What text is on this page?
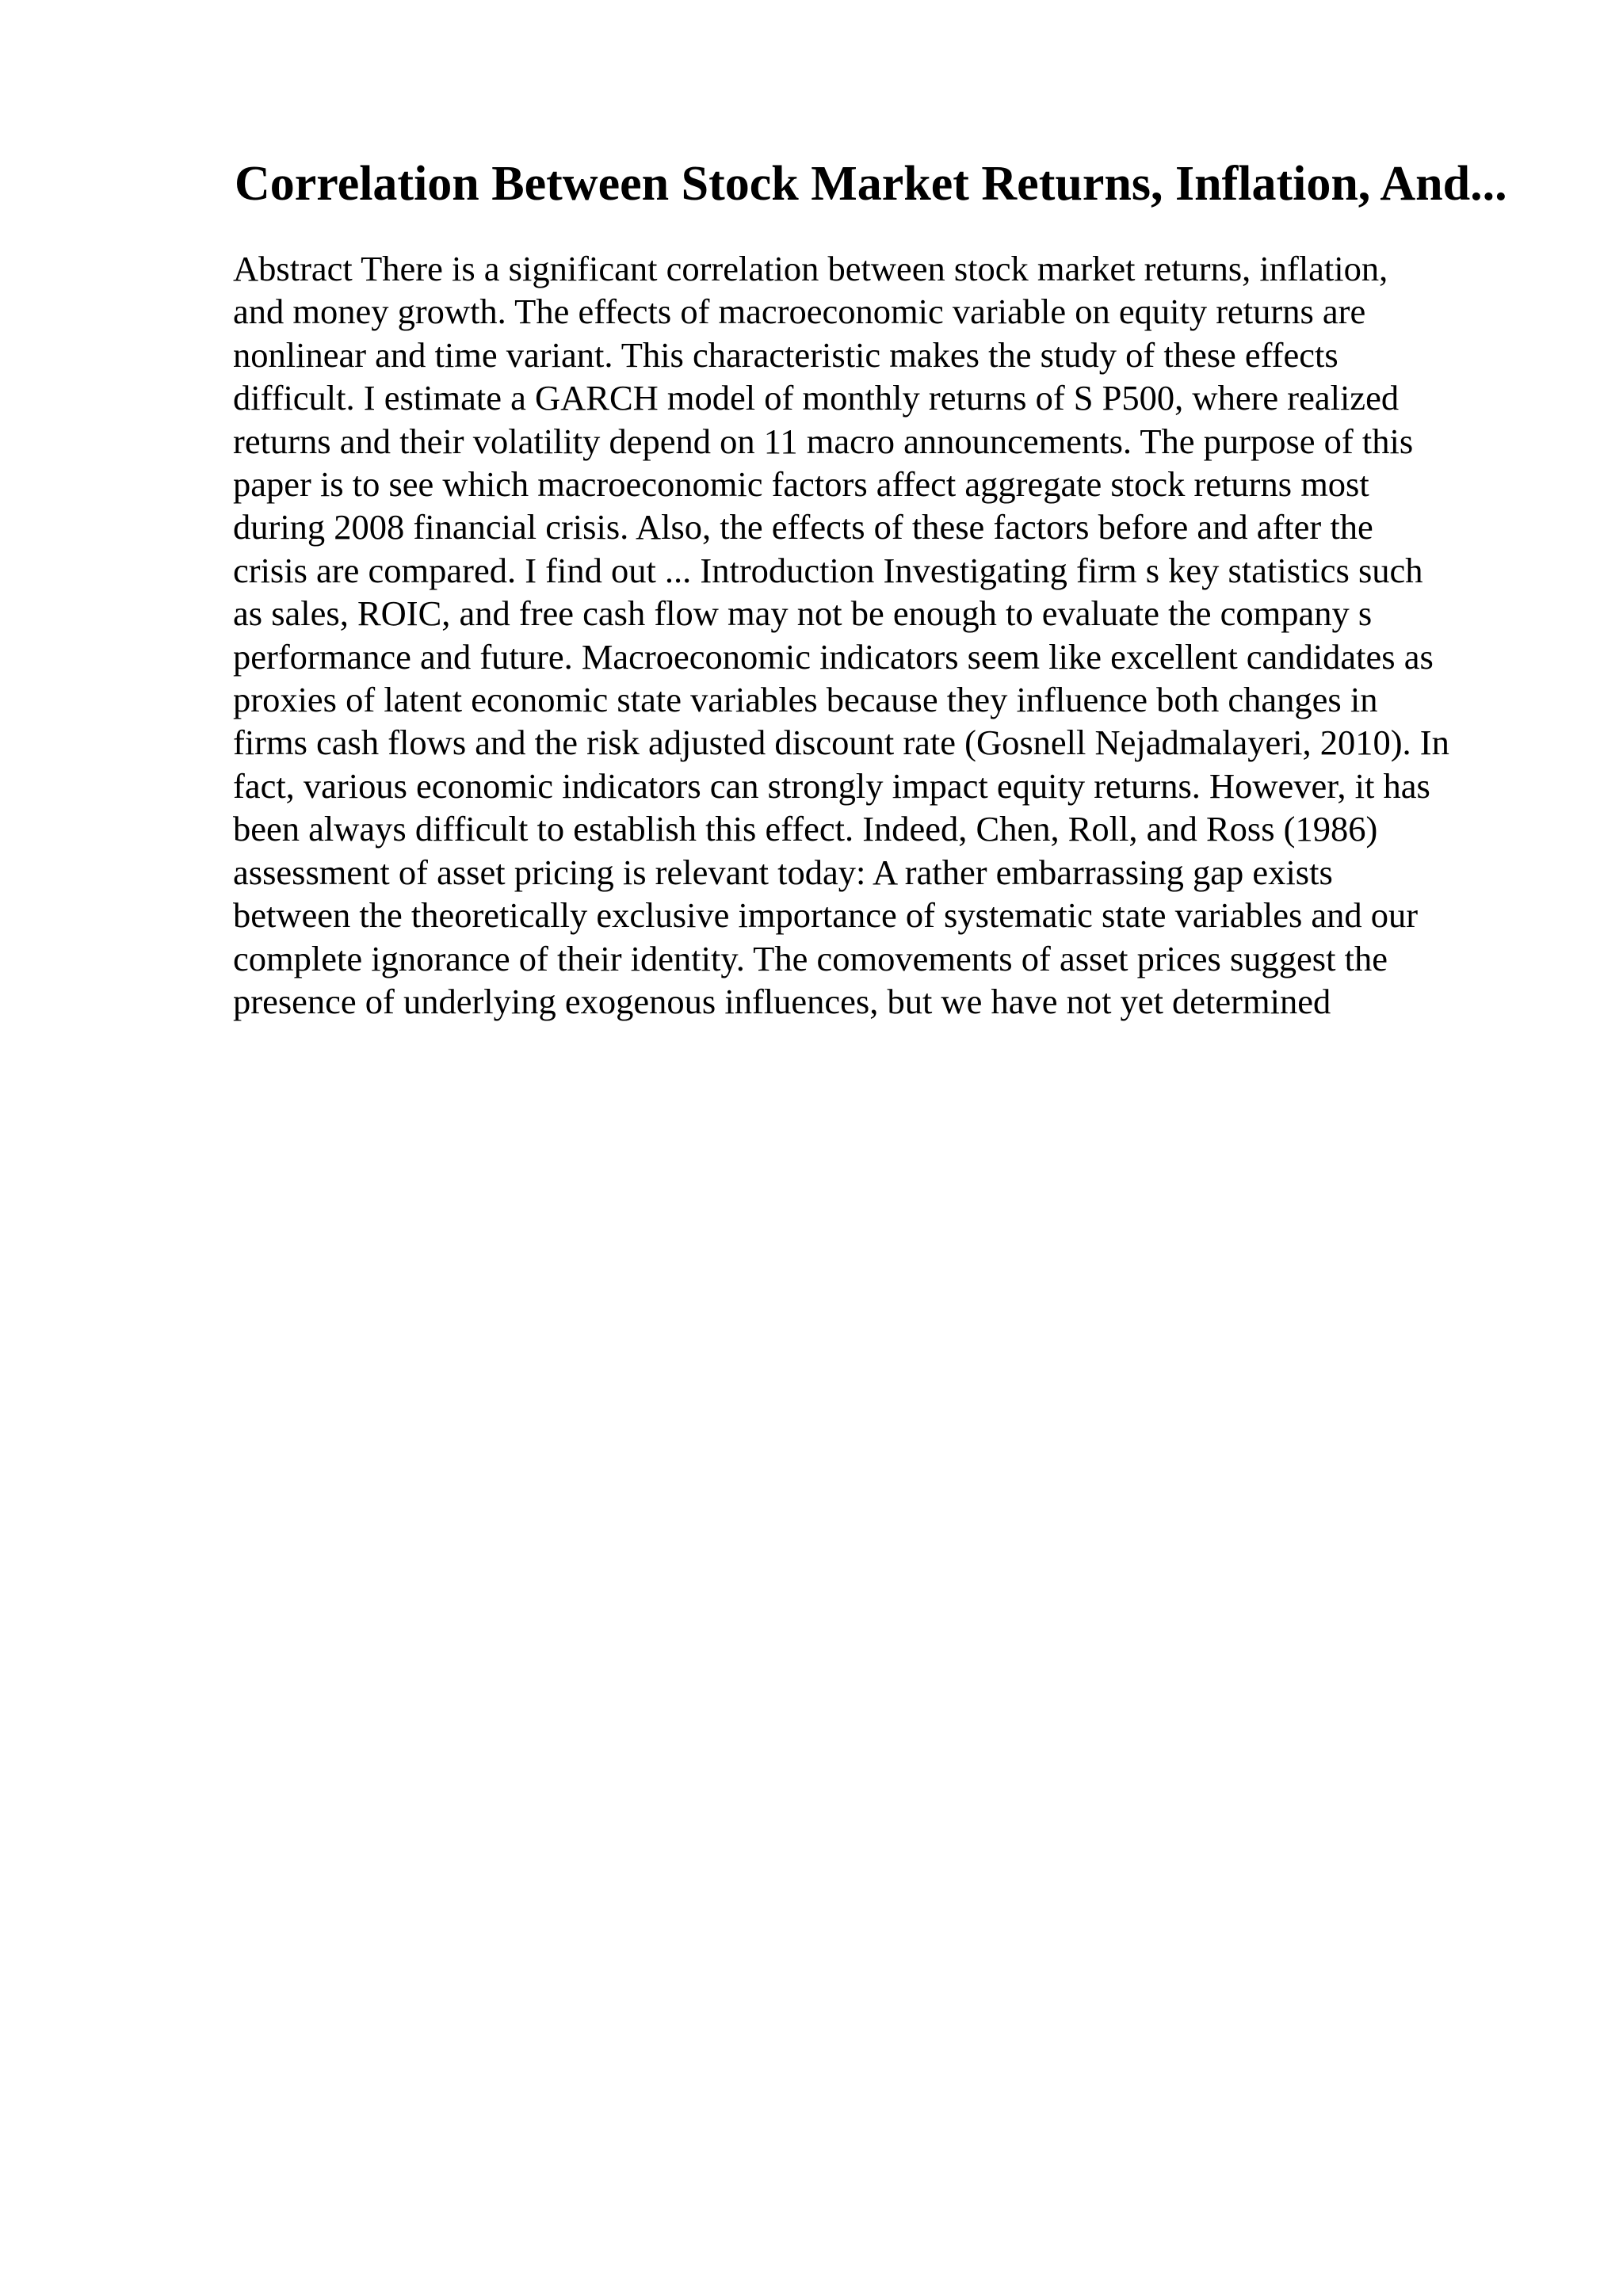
Correlation Between Stock Market Returns, Inflation, And...
Abstract There is a significant correlation between stock market returns, inflation,
and money growth. The effects of macroeconomic variable on equity returns are
nonlinear and time variant. This characteristic makes the study of these effects
difficult. I estimate a GARCH model of monthly returns of S P500, where realized
returns and their volatility depend on 11 macro announcements. The purpose of this
paper is to see which macroeconomic factors affect aggregate stock returns most
during 2008 financial crisis. Also, the effects of these factors before and after the
crisis are compared. I find out ... Introduction Investigating firm s key statistics such
as sales, ROIC, and free cash flow may not be enough to evaluate the company s
performance and future. Macroeconomic indicators seem like excellent candidates as
proxies of latent economic state variables because they influence both changes in
firms cash flows and the risk adjusted discount rate (Gosnell Nejadmalayeri, 2010). In
fact, various economic indicators can strongly impact equity returns. However, it has
been always difficult to establish this effect. Indeed, Chen, Roll, and Ross (1986)
assessment of asset pricing is relevant today: A rather embarrassing gap exists
between the theoretically exclusive importance of systematic state variables and our
complete ignorance of their identity. The comovements of asset prices suggest the
presence of underlying exogenous influences, but we have not yet determined
